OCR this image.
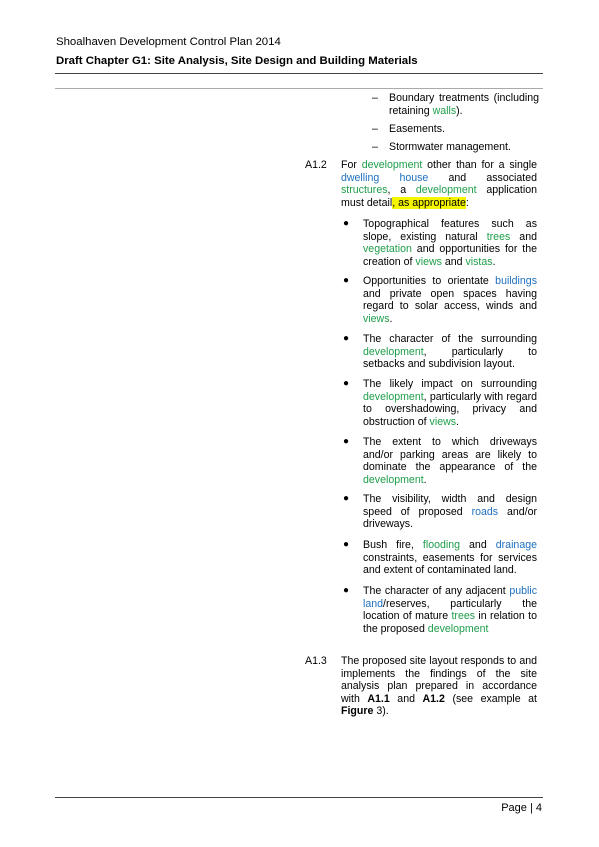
Shoalhaven Development Control Plan 2014
Draft Chapter G1: Site Analysis, Site Design and Building Materials
– Boundary treatments (including retaining walls).
– Easements.
– Stormwater management.
A1.2 For development other than for a single dwelling house and associated structures, a development application must detail, as appropriate:
● Topographical features such as slope, existing natural trees and vegetation and opportunities for the creation of views and vistas.
● Opportunities to orientate buildings and private open spaces having regard to solar access, winds and views.
● The character of the surrounding development, particularly to setbacks and subdivision layout.
● The likely impact on surrounding development, particularly with regard to overshadowing, privacy and obstruction of views.
● The extent to which driveways and/or parking areas are likely to dominate the appearance of the development.
● The visibility, width and design speed of proposed roads and/or driveways.
● Bush fire, flooding and drainage constraints, easements for services and extent of contaminated land.
● The character of any adjacent public land/reserves, particularly the location of mature trees in relation to the proposed development
A1.3 The proposed site layout responds to and implements the findings of the site analysis plan prepared in accordance with A1.1 and A1.2 (see example at Figure 3).
Page | 4
